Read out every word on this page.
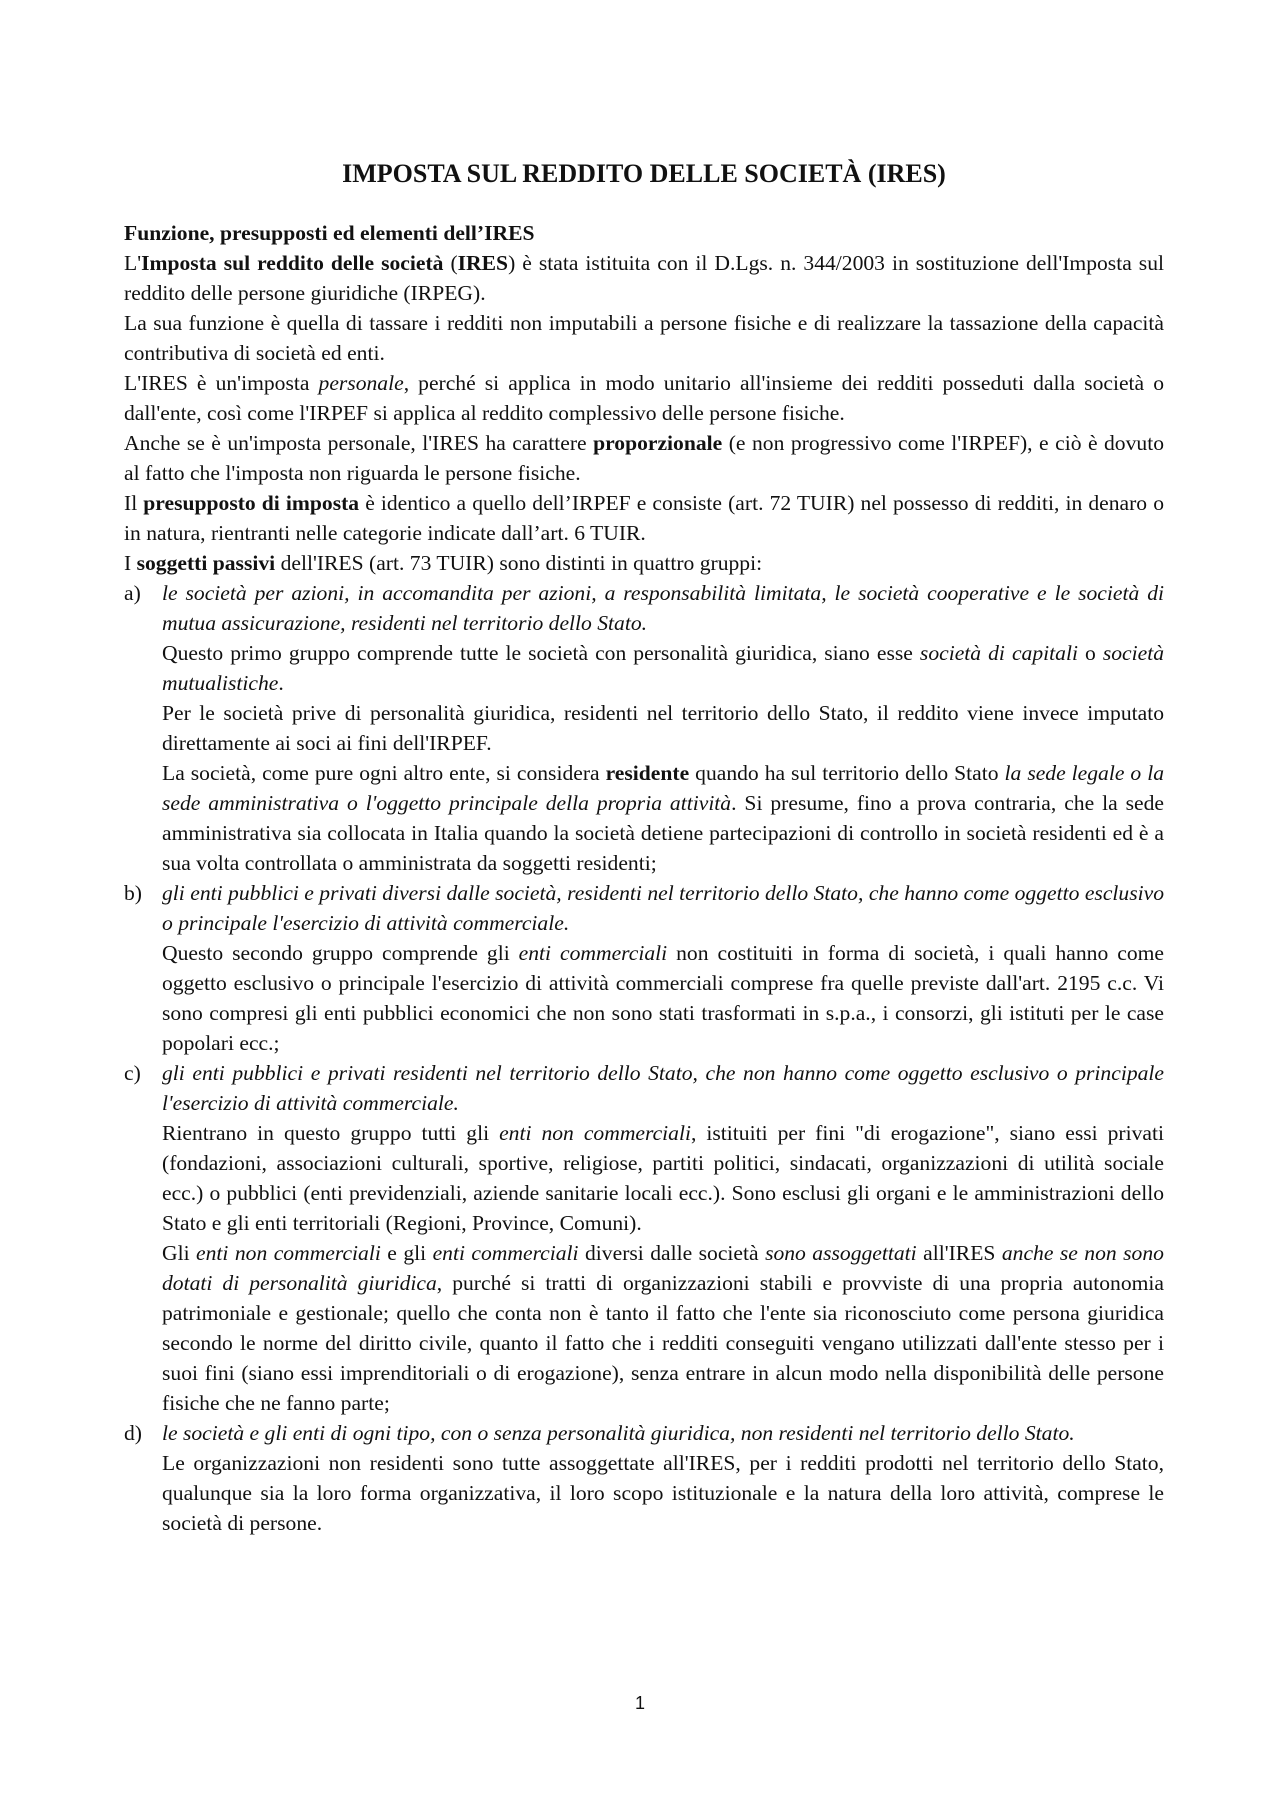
IMPOSTA SUL REDDITO DELLE SOCIETÀ (IRES)

Funzione, presupposti ed elementi dell’IRES

L'Imposta sul reddito delle società (IRES) è stata istituita con il D.Lgs. n. 344/2003 in sostituzione dell'Imposta sul reddito delle persone giuridiche (IRPEG).

La sua funzione è quella di tassare i redditi non imputabili a persone fisiche e di realizzare la tassazione della capacità contributiva di società ed enti.

L'IRES è un'imposta personale, perché si applica in modo unitario all'insieme dei redditi posseduti dalla società o dall'ente, così come l'IRPEF si applica al reddito complessivo delle persone fisiche.

Anche se è un'imposta personale, l'IRES ha carattere proporzionale (e non progressivo come l'IRPEF), e ciò è dovuto al fatto che l'imposta non riguarda le persone fisiche.

Il presupposto di imposta è identico a quello dell’IRPEF e consiste (art. 72 TUIR) nel possesso di redditi, in denaro o in natura, rientranti nelle categorie indicate dall’art. 6 TUIR.

I soggetti passivi dell'IRES (art. 73 TUIR) sono distinti in quattro gruppi:

a) le società per azioni, in accomandita per azioni, a responsabilità limitata, le società cooperative e le società di mutua assicurazione, residenti nel territorio dello Stato.

Questo primo gruppo comprende tutte le società con personalità giuridica, siano esse società di capitali o società mutualistiche.

Per le società prive di personalità giuridica, residenti nel territorio dello Stato, il reddito viene invece imputato direttamente ai soci ai fini dell'IRPEF.

La società, come pure ogni altro ente, si considera residente quando ha sul territorio dello Stato la sede legale o la sede amministrativa o l'oggetto principale della propria attività. Si presume, fino a prova contraria, che la sede amministrativa sia collocata in Italia quando la società detiene partecipazioni di controllo in società residenti ed è a sua volta controllata o amministrata da soggetti residenti;

b) gli enti pubblici e privati diversi dalle società, residenti nel territorio dello Stato, che hanno come oggetto esclusivo o principale l'esercizio di attività commerciale.

Questo secondo gruppo comprende gli enti commerciali non costituiti in forma di società, i quali hanno come oggetto esclusivo o principale l'esercizio di attività commerciali comprese fra quelle previste dall'art. 2195 c.c. Vi sono compresi gli enti pubblici economici che non sono stati trasformati in s.p.a., i consorzi, gli istituti per le case popolari ecc.;

c) gli enti pubblici e privati residenti nel territorio dello Stato, che non hanno come oggetto esclusivo o principale l'esercizio di attività commerciale.

Rientrano in questo gruppo tutti gli enti non commerciali, istituiti per fini "di erogazione", siano essi privati (fondazioni, associazioni culturali, sportive, religiose, partiti politici, sindacati, organizzazioni di utilità sociale ecc.) o pubblici (enti previdenziali, aziende sanitarie locali ecc.). Sono esclusi gli organi e le amministrazioni dello Stato e gli enti territoriali (Regioni, Province, Comuni).

Gli enti non commerciali e gli enti commerciali diversi dalle società sono assoggettati all'IRES anche se non sono dotati di personalità giuridica, purché si tratti di organizzazioni stabili e provviste di una propria autonomia patrimoniale e gestionale; quello che conta non è tanto il fatto che l'ente sia riconosciuto come persona giuridica secondo le norme del diritto civile, quanto il fatto che i redditi conseguiti vengano utilizzati dall'ente stesso per i suoi fini (siano essi imprenditoriali o di erogazione), senza entrare in alcun modo nella disponibilità delle persone fisiche che ne fanno parte;

d) le società e gli enti di ogni tipo, con o senza personalità giuridica, non residenti nel territorio dello Stato.

Le organizzazioni non residenti sono tutte assoggettate all'IRES, per i redditi prodotti nel territorio dello Stato, qualunque sia la loro forma organizzativa, il loro scopo istituzionale e la natura della loro attività, comprese le società di persone.

1
